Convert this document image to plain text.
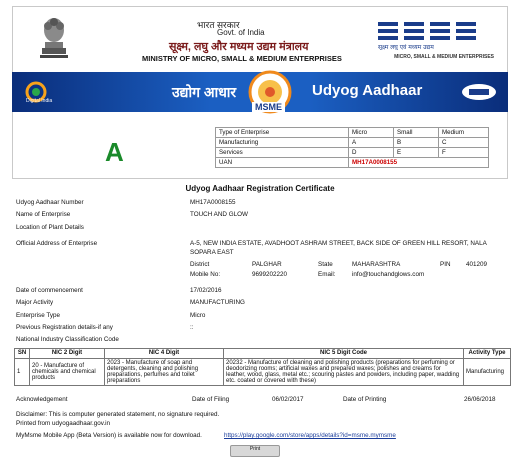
भारत सरकार
Govt. of India
सूक्ष्म, लघु और मध्यम उद्यम मंत्रालय
MINISTRY OF MICRO, SMALL & MEDIUM ENTERPRISES
सूक्ष्म लघु एवं मध्यम उद्यम
MICRO, SMALL & MEDIUM ENTERPRISES
Digital India
उद्योग आधार
MSME
Udyog Aadhaar
A
Type of Enterprise	Micro	Small	Medium
Manufacturing	A	B	C
Services	D	E	F
UAN	MH17A0008155		
Udyog Aadhaar Registration Certificate
Udyog Aadhaar Number	MH17A0008155
Name of Enterprise	TOUCH AND GLOW
Location of Plant Details
Official Address of Enterprise	A-5, NEW INDIA ESTATE, AVADHOOT ASHRAM STREET, BACK SIDE OF GREEN HILL RESORT, NALA SOPARA EAST
District	PALGHAR	State	MAHARASHTRA	PIN 401209
Mobile No:	9699202220	Email:	info@touchandglows.com
Date of commencement	17/02/2016
Major Activity	MANUFACTURING
Enterprise Type	Micro
Previous Registration details-if any	::
National Industry Classification Code
SN	NIC 2 Digit	NIC 4 Digit	NIC 5 Digit Code	Activity Type
1	20 - Manufacture of chemicals and chemical products	2023 - Manufacture of soap and detergents, cleaning and polishing preparations, perfumes and toilet preparations	20232 - Manufacture of cleaning and polishing products (preparations for perfuming or deodorizing rooms; artificial waxes and prepared waxes; polishes and creams for leather, wood, glass, metal etc.; scouring pastes and powders, including paper, wadding etc. coated or covered with these)	Manufacturing
Acknowledgement	Date of Filing	06/02/2017	Date of Printing	26/06/2018
Disclaimer: This is computer generated statement, no signature required.
Printed from udyogaadhaar.gov.in
MyMsme Mobile App (Beta Version) is available now for download.	https://play.google.com/store/apps/details?id=msme.mymsme
Print
